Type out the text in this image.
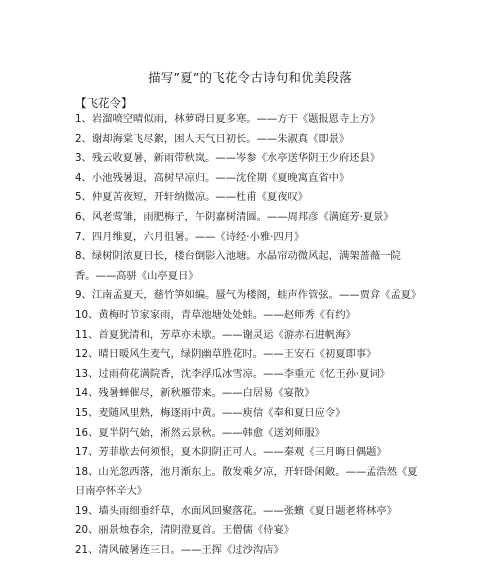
描写”夏”的飞花令古诗句和优美段落
【飞花令】
1、岩溜喷空晴似雨，林萝碍日夏多寒。——方干《题报恩寺上方》
2、谢却海棠飞尽絮，困人天气日初长。——朱淑真《即景》
3、残云收夏暑，新雨带秋岚。——岑参《水亭送华阴王少府还县》
4、小池残暑退，高树早凉归。——沈佺期《夏晚寓直省中》
5、仲夏苦夜短，开轩纳微凉。——杜甫《夏夜叹》
6、风老莺雏，雨肥梅子，午阴嘉树清圆。——周邦彦《满庭芳·夏景》
7、四月维夏，六月徂暑。——《诗经·小雅·四月》
8、绿树阴浓夏日长，楼台倒影入池塘。水晶帘动微风起，满架蔷薇一院香。——高骈《山亭夏日》
9、江南孟夏天，慈竹笋如编。蜃气为楼阁，蛙声作管弦。——贾弇《孟夏》
10、黄梅时节家家雨，青草池塘处处蛙。——赵师秀《有约》
11、首夏犹清和，芳草亦未歇。——谢灵运《游赤石进帆海》
12、晴日暖风生麦气，绿阴幽草胜花时。——王安石《初夏即事》
13、过雨荷花满院香，沈李浮瓜冰雪凉。——李重元《忆王孙·夏词》
14、残暑蝉催尽，新秋雁带来。——白居易《宴散》
15、麦随风里熟，梅逐雨中黄。——庾信《奉和夏日应令》
16、夏半阴气始，淅然云景秋。——韩愈《送刘师服》
17、芳菲歇去何须恨，夏木阴阴正可人。——秦观《三月晦日偶题》
18、山光忽西落，池月渐东上。散发乘夕凉，开轩卧闲敞。——孟浩然《夏日南亭怀辛大》
19、墙头雨细垂纤草，水面风回聚落花。——张蠙《夏日题老将林亭》
20、丽景烛春余，清阴澄夏首。王僧儒《侍宴》
21、清风破暑连三日。——王挥《过沙沟店》
